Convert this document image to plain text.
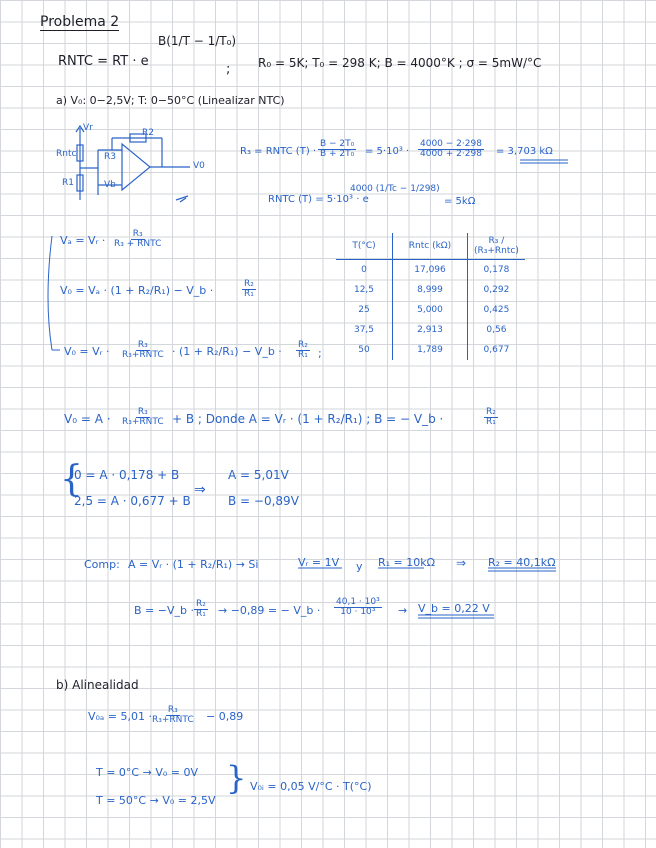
Problema 2
B(1/T − 1/T₀)
RNTC = RT · e
; R₀ = 5K; T₀ = 298 K; B = 4000°K ; σ = 5mW/°C
a) V₀: 0−2,5V; T: 0−50°C (Linealizar NTC)
Vr
Rntc
R1
R2
R3
Vb
V0
R₃ = RNTC $(T) \cdot \frac{\text{B − 2T₀}}{\text{B + 2T₀}} = 5\cdot 10^3 \cdot \frac{4000 - 2\cdot 298}{4000 + 2\cdot 298} = 3,703$ kΩ
4000 (1/Tc − 1/298)
RNTC (T) = 5·10³ · e	= 5kΩ
Vₐ = Vᵣ ·	R₃
R₃ + RNTC
V₀ = Vₐ · (1 + R₂/R₁) − V_b ·	$\frac{\text{R₂}}{\text{R₁}}$
V₀ = Vᵣ ·	R₃
R₃+RNTC · (1 + R₂/R₁) − V_b · $\frac{\text{R₂}}{\text{R₁}}$ ;
T(°C)	Rntc (kΩ)	R₃ / (R₃+Rntc)
0	17,096	0,178
12,5	8,999	0,292
25	5,000	0,425
37,5	2,913	0,56
50	1,789	0,677
V₀ = A ·	R₃
R₃+RNTC + B ; Donde A = Vᵣ · (1 + R₂/R₁) ; B = − V_b ·	$\frac{\text{R₂}}{\text{R₁}}$
{
0 = A · 0,178 + B
2,5 = A · 0,677 + B
⇒
A = 5,01V
B = −0,89V
Comp: A = Vᵣ · (1 + R₂/R₁) → Si	Vᵣ = 1V y R₁ = 10kΩ ⇒ R₂ = 40,1kΩ
B = −V_b · $\frac{\text{R₂}}{\text{R₁}} \to -0,89$ = − V_b · $\frac{\text{40,1 · 10³}}{\text{10 · 10³}}$ → V_b = 0,22 V
b) Alinealidad
V₀ₐ = 5,01 · R₃
R₃+RNTC − 0,89
T = 0°C → V₀ = 0V
T = 50°C → V₀ = 2,5V
} V₀ᵢ = 0,05 V/°C · T(°C)
